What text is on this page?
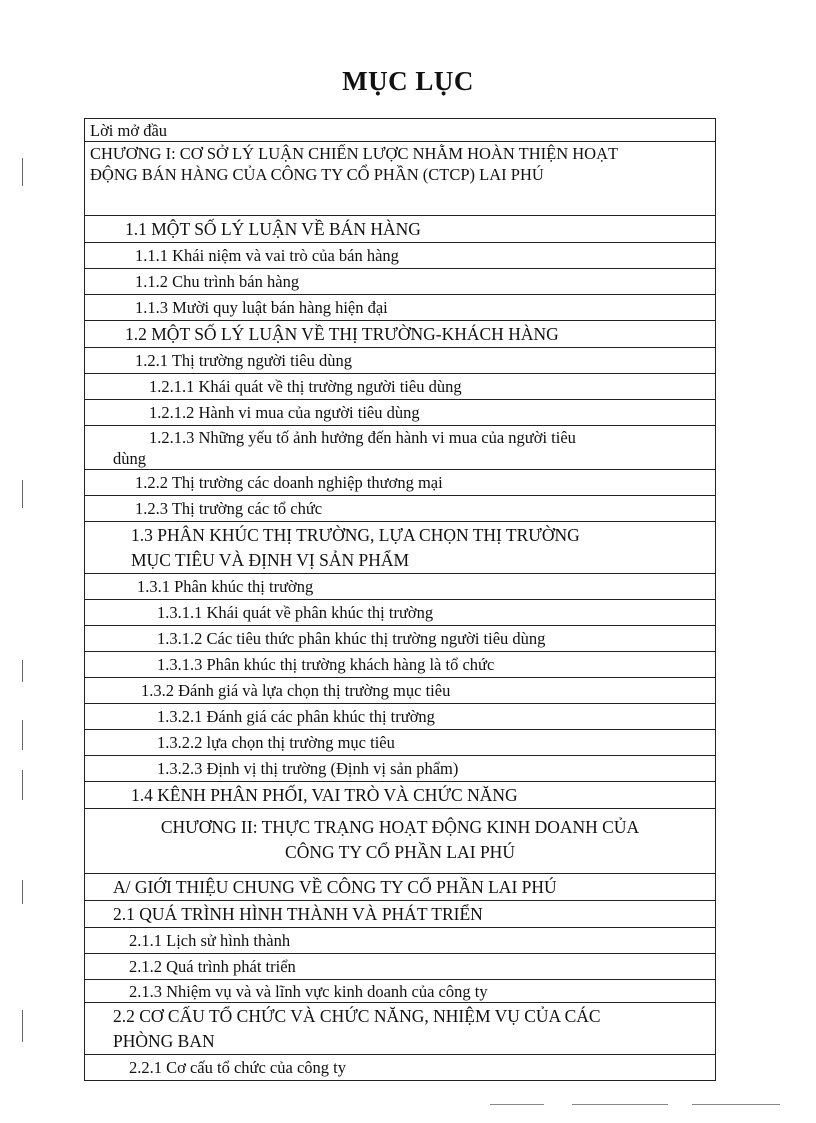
MỤC LỤC
Lời mở đầu
CHƯƠNG I: CƠ SỞ LÝ LUẬN CHIẾN LƯỢC NHẰM HOÀN THIỆN HOẠT ĐỘNG BÁN HÀNG CỦA CÔNG TY CỔ PHẦN (CTCP) LAI PHÚ
1.1 MỘT SỐ LÝ LUẬN VỀ BÁN HÀNG
1.1.1 Khái niệm và vai trò của bán hàng
1.1.2 Chu trình bán hàng
1.1.3 Mười quy luật bán hàng hiện đại
1.2 MỘT SỐ LÝ LUẬN VỀ THỊ TRƯỜNG-KHÁCH HÀNG
1.2.1 Thị trường người tiêu dùng
1.2.1.1 Khái quát về thị trường người tiêu dùng
1.2.1.2 Hành vi mua của người tiêu dùng
1.2.1.3 Những yếu tố ảnh hưởng đến hành vi mua của người tiêu
dùng
1.2.2 Thị trường các doanh nghiệp thương mại
1.2.3 Thị trường các tổ chức
1.3 PHÂN KHÚC THỊ TRƯỜNG, LỰA CHỌN THỊ TRƯỜNG
MỤC TIÊU VÀ ĐỊNH VỊ SẢN PHẨM
1.3.1 Phân khúc thị trường
1.3.1.1 Khái quát về phân khúc thị trường
1.3.1.2 Các tiêu thức phân khúc thị trường người tiêu dùng
1.3.1.3 Phân khúc thị trường khách hàng là tổ chức
1.3.2 Đánh giá và lựa chọn thị trường mục tiêu
1.3.2.1 Đánh giá các phân khúc thị trường
1.3.2.2 lựa chọn thị trường mục tiêu
1.3.2.3 Định vị thị trường (Định vị sản phẩm)
1.4 KÊNH PHÂN PHỐI, VAI TRÒ VÀ CHỨC NĂNG
CHƯƠNG II: THỰC TRẠNG HOẠT ĐỘNG KINH DOANH CỦA
CÔNG TY CỔ PHẦN LAI PHÚ
A/ GIỚI THIỆU CHUNG VỀ CÔNG TY CỔ PHẦN LAI PHÚ
2.1 QUÁ TRÌNH HÌNH THÀNH VÀ PHÁT TRIỂN
2.1.1 Lịch sử hình thành
2.1.2 Quá trình phát triển
2.1.3 Nhiệm vụ và và lĩnh vực kinh doanh của công ty
2.2 CƠ CẤU TỔ CHỨC VÀ CHỨC NĂNG, NHIỆM VỤ CỦA CÁC
PHÒNG BAN
2.2.1 Cơ cấu tổ chức của công ty
